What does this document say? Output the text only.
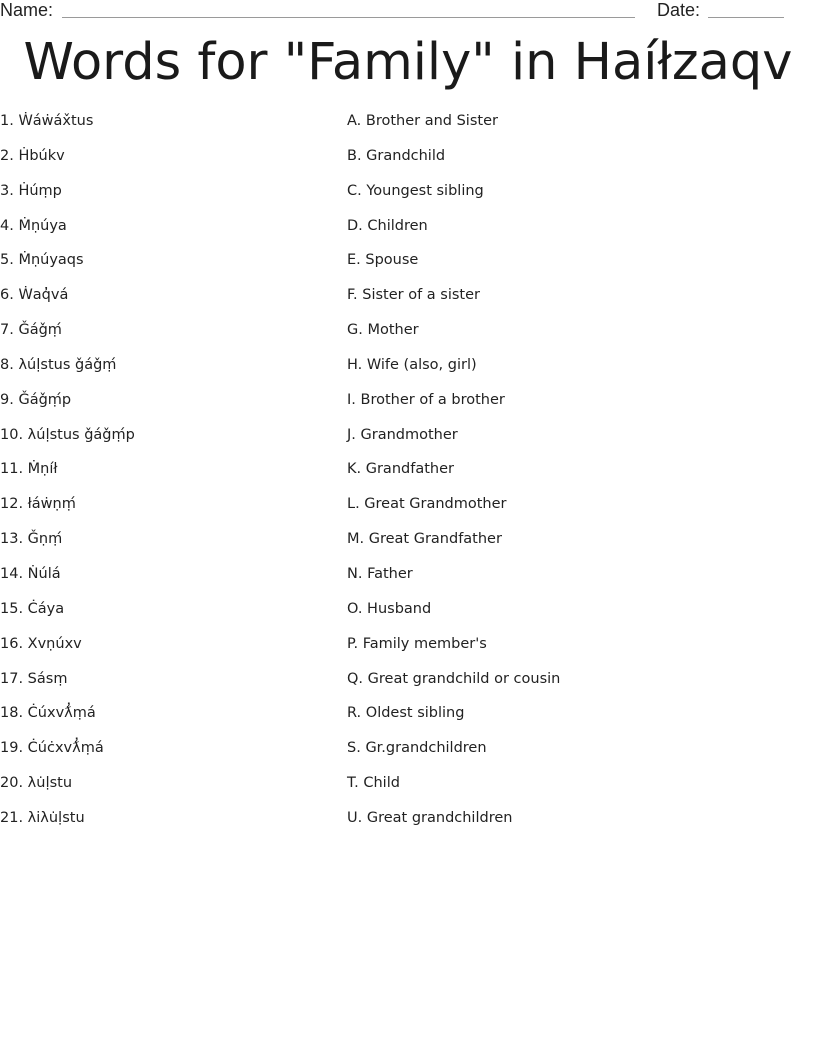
Name:	Date:
Words for "Family" in Haíłzaqv
1.
Ẇáẇáx̌tus
2.
Ḣbúkv
3.
Ḣúṃp
4.
Ṁṇúya
5.
Ṁṇúyaqs
6.
Ẇaq̓vá
7.
Ǧáǧṃ́
8.
λúḷstus ǧáǧṃ́
9.
Ǧáǧṃ́p
10.
λúḷstus ǧáǧṃ́p
11.
Ṁṇíł
12.
łáẇṇṃ́
13.
Ǧṇṃ́
14.
Ṅúlá
15.
Ċáya
16.
Xvṇúxv
17.
Sásṃ
18.
Ċúxvƛ̓ṃá
19.
Ċúċxvƛ̓ṃá
20.
λu̇ḷstu
21.
λiλu̇ḷstu
A.
Brother and Sister
B.
Grandchild
C.
Youngest sibling
D.
Children
E.
Spouse
F.
Sister of a sister
G.
Mother
H.
Wife (also, girl)
I.
Brother of a brother
J.
Grandmother
K.
Grandfather
L.
Great Grandmother
M.
Great Grandfather
N.
Father
O.
Husband
P.
Family member's
Q.
Great grandchild or cousin
R.
Oldest sibling
S.
Gr.grandchildren
T.
Child
U.
Great grandchildren
